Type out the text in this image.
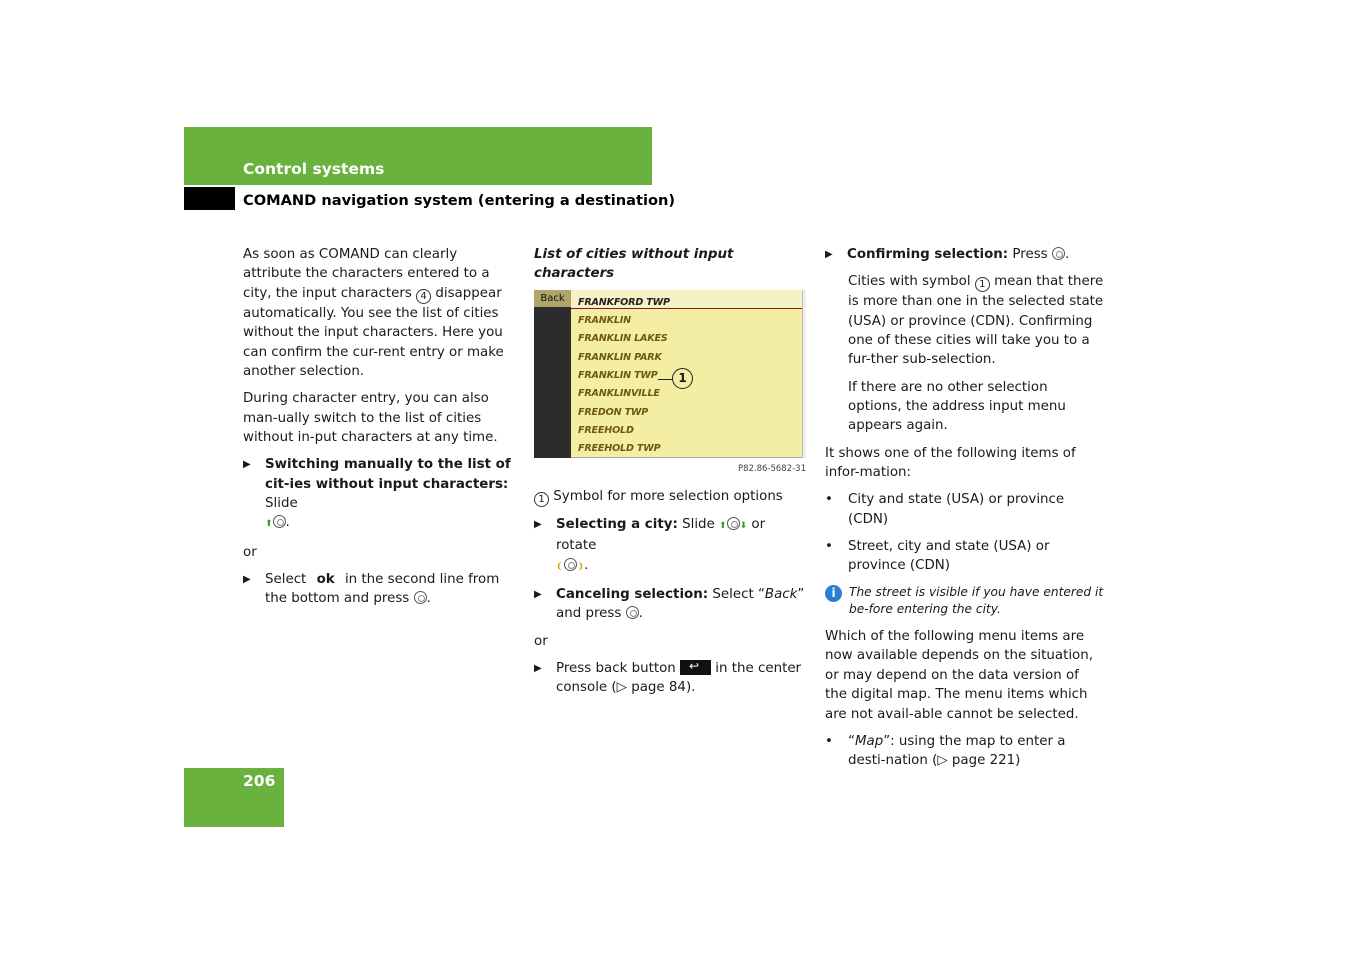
Control systems
COMAND navigation system (entering a destination)

As soon as COMAND can clearly attribute the characters entered to a city, the input characters 4 disappear automatically. You see the list of cities without the input characters. Here you can confirm the cur-rent entry or make another selection.

During character entry, you can also man-ually switch to the list of cities without in-put characters at any time.

▶ Switching manually to the list of cit-ies without input characters: Slide
⬆ .

or

▶ Select ok in the second line from the bottom and press .

List of cities without input characters

Back	FRANKFORD TWP
FRANKLIN
FRANKLIN LAKES
FRANKLIN PARK
FRANKLIN TWP
FRANKLINVILLE
FREDON TWP
FREEHOLD
FREEHOLD TWP
1
P82.86-5682-31

1 Symbol for more selection options

▶ Selecting a city: Slide ⬆ ⬇ or rotate
❨ ❩.
▶ Canceling selection: Select “Back” and press .

or

▶ Press back button ↩	in the center console (▷ page 84).
▶ Confirming selection: Press .

Cities with symbol 1 mean that there is more than one in the selected state (USA) or province (CDN). Confirming one of these cities will take you to a fur-ther sub-selection.

If there are no other selection options, the address input menu appears again.

It shows one of the following items of infor-mation:

• City and state (USA) or province (CDN)
• Street, city and state (USA) or province (CDN)
i	The street is visible if you have entered it be-fore entering the city.

Which of the following menu items are now available depends on the situation, or may depend on the data version of the digital map. The menu items which are not avail-able cannot be selected.

• “Map”: using the map to enter a desti-nation (▷ page 221)
206
